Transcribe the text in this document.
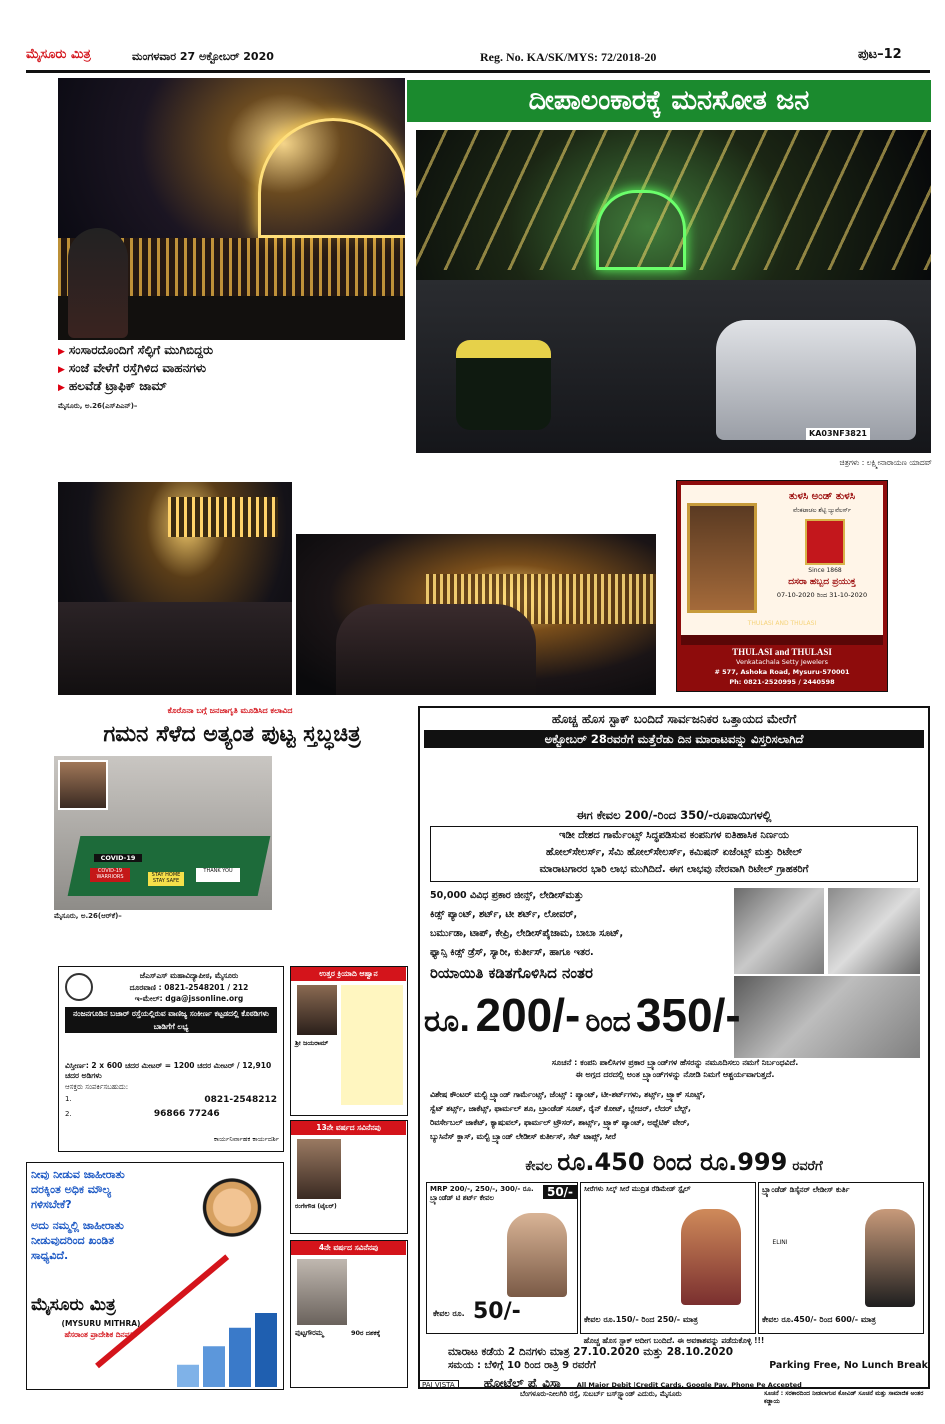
ಮೈಸೂರು ಮಿತ್ರ	ಮಂಗಳವಾರ 27 ಅಕ್ಟೋಬರ್ 2020	Reg. No. KA/SK/MYS: 72/2018-20	ಪುಟ–12
ದೀಪಾಲಂಕಾರಕ್ಕೆ ಮನಸೋತ ಜನ
KA03NF3821
▶ ಸಂಸಾರದೊಂದಿಗೆ ಸೆಲ್ಫಿಗೆ ಮುಗಿಬಿದ್ದರು
▶ ಸಂಜೆ ವೇಳೆಗೆ ರಸ್ತೆಗಿಳಿದ ವಾಹನಗಳು
▶ ಹಲವೆಡೆ ಟ್ರಾಫಿಕ್ ಜಾಮ್
ಮೈಸೂರು, ಅ.26(ಎಸ್‌ಪಿಎನ್)–
ಚಿತ್ರಗಳು : ಲಕ್ಷ್ಮೀನಾರಾಯಣ ಯಾದವ್
ತುಳಸಿ ಅಂಡ್ ತುಳಸಿ
ವೆಂಕಟಾಚಲ ಶೆಟ್ಟಿ ಜ್ಯುವೆಲರ್ಸ್
Since 1868
ದಸರಾ ಹಬ್ಬದ ಪ್ರಯುಕ್ತ
07-10-2020 ರಿಂದ 31-10-2020
THULASI AND THULASI
THULASI and THULASI
Venkatachala Setty Jewelers
# 577, Ashoka Road, Mysuru-570001
Ph: 0821-2520995 / 2440598
ಕೊರೊನಾ ಬಗ್ಗೆ ಜನಜಾಗೃತಿ ಮೂಡಿಸಿದ ಕಲಾವಿದ
ಗಮನ ಸೆಳೆದ ಅತ್ಯಂತ ಪುಟ್ಟ ಸ್ತಬ್ಧಚಿತ್ರ
COVID-19
COVID-19 WARRIORS	STAY HOME STAY SAFE
THANK YOU
ಮೈಸೂರು, ಅ.26(ಆರ್‌ಕೆ)–
ಜೆಎಸ್‌ಎಸ್ ಮಹಾವಿದ್ಯಾಪೀಠ, ಮೈಸೂರು
ದೂರವಾಣಿ : 0821-2548201 / 212
ಇ-ಮೇಲ್: dga@jssonline.org
ನಂಜನಗೂಡಿನ ಬಜಾರ್ ರಸ್ತೆಯಲ್ಲಿರುವ ವಾಣಿಜ್ಯ ಸಂಕೀರ್ಣ ಕಟ್ಟಡದಲ್ಲಿ ಕೊಠಡಿಗಳು ಬಾಡಿಗೆಗೆ ಲಭ್ಯ
ವಿಸ್ತೀರ್ಣ: 2 x 600 ಚದರ ಮೀಟರ್ = 1200 ಚದರ ಮೀಟರ್ / 12,910 ಚದರ ಅಡಿಗಳು
ಆಸಕ್ತರು ಸಂಪರ್ಕಿಸಬಹುದು:
1.	0821-2548212
2.	96866 77246
ಕಾರ್ಯನಿರ್ವಾಹಕ ಕಾರ್ಯದರ್ಶಿ
ಉತ್ತರ ಕ್ರಿಯಾದಿ ಆಹ್ವಾನ
ಶ್ರೀ ಜಯರಾಮ್
13ನೇ ವರ್ಷದ ಸವಿನೆನಪು
ರಂಗೇಗೌಡ (ಟೈಲರ್)
4ನೇ ವರ್ಷದ ಸವಿನೆನಪು
ಪುಟ್ಟಗೌರಮ್ಮ	90ರ ದಶಕಕ್ಕೆ
ನೀವು ನೀಡುವ ಜಾಹೀರಾತು
ದರಕ್ಕಿಂತ ಅಧಿಕ ಮೌಲ್ಯ
ಗಳಿಸಬೇಕೆ?
ಅದು ನಮ್ಮಲ್ಲಿ ಜಾಹೀರಾತು
ನೀಡುವುದರಿಂದ ಖಂಡಿತ
ಸಾಧ್ಯವಿದೆ.
ಮೈಸೂರು ಮಿತ್ರ
(MYSURU MITHRA)
ಹೆಸರಾಂತ ಪ್ರಾದೇಶಿಕ ದಿನಪತ್ರಿಕೆ
ಹೊಚ್ಚ ಹೊಸ ಸ್ಟಾಕ್ ಬಂದಿದೆ ಸಾರ್ವಜನಿಕರ ಒತ್ತಾಯದ ಮೇರೆಗೆ
ಅಕ್ಟೋಬರ್ 28ರವರೆಗೆ ಮತ್ತೆರೆಡು ದಿನ ಮಾರಾಟವನ್ನು ವಿಸ್ತರಿಸಲಾಗಿದೆ
ಈಗ ಕೇವಲ 200/-ರಿಂದ 350/-ರೂಪಾಯಿಗಳಲ್ಲಿ
ಇಡೀ ದೇಶದ ಗಾರ್ಮೆಂಟ್ಸ್ ಸಿದ್ಧಪಡಿಸುವ ಕಂಪನಿಗಳ ಐತಿಹಾಸಿಕ ನಿರ್ಣಯ
ಹೋಲ್‌ಸೇಲರ್ಸ್, ಸೆಮಿ ಹೋಲ್‌ಸೇಲರ್ಸ್, ಕಮಿಷನ್ ಏಜೆಂಟ್ಸ್ ಮತ್ತು ರಿಟೇಲ್
ಮಾರಾಟಗಾರರ ಭಾರಿ ಲಾಭ ಮುಗಿದಿದೆ. ಈಗ ಲಾಭವು ನೇರವಾಗಿ ರಿಟೇಲ್ ಗ್ರಾಹಕರಿಗೆ
50,000 ವಿವಿಧ ಪ್ರಕಾರ ಜೀನ್ಸ್, ಲೇಡೀಸ್‌ಮತ್ತು
ಕಿಡ್ಸ್ ಪ್ಯಾಂಟ್, ಶರ್ಟ್, ಟೀ ಶರ್ಟ್, ಲೋವರ್,
ಬರ್ಮುಡಾ, ಟಾಪ್, ಕೇಪ್ರಿ, ಲೇಡೀಸ್‌ಪೈಜಾಮ, ಬಾಬಾ ಸೂಟ್,
ಫ್ಯಾನ್ಸಿ ಕಿಡ್ಸ್ ಡ್ರೆಸ್, ಸ್ಯಾರೀ, ಕುರ್ತೀಸ್, ಹಾಗೂ ಇತರ.
ರಿಯಾಯಿತಿ ಕಡಿತಗೊಳಿಸಿದ ನಂತರ
ರೂ. 200/- ರಿಂದ 350/-
ಸೂಚನೆ : ಕಂಪನಿ ಪಾಲಿಸಿಗಳ ಪ್ರಕಾರ ಬ್ರ್ಯಾಂಡ್‌ಗಳ ಹೆಸರನ್ನು ನಮೂದಿಸಲು ನಮಗೆ ನಿರ್ಬಂಧವಿದೆ.
ಈ ಅಗ್ಗದ ದರದಲ್ಲಿ ಅಂತ ಬ್ರ್ಯಾಂಡ್‌ಗಳನ್ನು ನೋಡಿ ನಿಮಗೆ ಆಶ್ಚರ್ಯವಾಗುತ್ತದೆ.
ವಿಶೇಷ ಕೌಂಟರ್ ಮಲ್ಟಿ ಬ್ರ್ಯಾಂಡ್ ಗಾರ್ಮೆಂಟ್ಸ್, ಜೆಂಟ್ಸ್ : ಪ್ಯಾಂಟ್, ಟೀ-ಶರ್ಟ್‌ಗಳು, ಶರ್ಟ್ಸ್, ಟ್ರ್ಯಾಕ್ ಸೂಟ್ಸ್,
ಸ್ವೆಟ್ ಶರ್ಟ್ಸ್, ಜಾಕೆಟ್ಸ್, ಫಾರ್ಮಲ್ ಶೂ, ಬ್ರಾಂಡೆಡ್ ಸೂಟ್, ರೈನ್ ಕೋಟ್, ಬ್ಲೇಜರ್, ಲೆದರ್ ಬೆಲ್ಟ್,
ರಿವರ್ಸೇಬಲ್ ಜಾಕೆಟ್, ಕ್ಯಾಷುವಲ್, ಫಾರ್ಮಲ್ ಟ್ರೌಸರ್, ಶಾರ್ಟ್ಸ್, ಟ್ರ್ಯಾಕ್ ಪ್ಯಾಂಟ್, ಅಥ್ಲೆಟಿಕ್ ವೇರ್,
ಬ್ಯುಸಿನೆಸ್ ಕ್ಲಾಸ್, ಮಲ್ಟಿ ಬ್ರ್ಯಾಂಡ್ ಲೇಡೀಸ್ ಕುರ್ತೀಸ್, ಸೆಟ್ ಟಾಪ್ಸ್, ಸೀರೆ
ಕೇವಲ ರೂ.450 ರಿಂದ ರೂ.999 ರವರೆಗೆ
MRP 200/-, 250/-, 300/- ರೂ. ಬ್ರ್ಯಾಂಡೆಡ್ ಟಿ ಶರ್ಟ್ ಕೇವಲ	50/-
ಕೇವಲ ರೂ. 50/-
ಸೀರೆಗಳು ಸಿಲ್ಕ್ ಸೀರೆ ಮುದ್ರಿತ ರೆಡಿಮೇಡ್ ಸ್ಟೈಲ್
ಕೇವಲ ರೂ.150/- ರಿಂದ 250/- ಮಾತ್ರ
ಬ್ರ್ಯಾಂಡೆಡ್ ಡಿಸೈನರ್ ಲೇಡೀಸ್ ಕುರ್ತಿ
ELINI
ಕೇವಲ ರೂ.450/- ರಿಂದ 600/- ಮಾತ್ರ
ಹೊಚ್ಚ ಹೊಸ ಸ್ಟಾಕ್ ಅದೀಗ ಬಂದಿದೆ. ಈ ಅವಕಾಶವನ್ನು ಪಡೆದುಕೊಳ್ಳಿ !!!
ಮಾರಾಟ ಕಡೆಯ 2 ದಿನಗಳು ಮಾತ್ರ 27.10.2020 ಮತ್ತು 28.10.2020
ಸಮಯ : ಬೆಳಿಗ್ಗೆ 10 ರಿಂದ ರಾತ್ರಿ 9 ರವರೆಗೆ	Parking Free, No Lunch Break
PAI VISTA ಹೋಟೆಲ್ ಪೈ ವಿಸ್ತಾ All Major Debit |Credit Cards, Google Pay, Phone Pe Accepted
ಬೆಂಗಳೂರು-ನೀಲಗಿರಿ ರಸ್ತೆ, ಸುಬರ್ಬ್ ಬಸ್‌ಸ್ಟ್ಯಾಂಡ್ ಎದುರು, ಮೈಸೂರು	ಸೂಚನೆ : ಸರಕಾರದಿಂದ ನೀಡಲಾಗುವ ಕೋವಿಡ್ ಸೂಚನೆ ಮತ್ತು ಸಾಮಾಜಿಕ ಅಂತರ ಕಡ್ಡಾಯ
